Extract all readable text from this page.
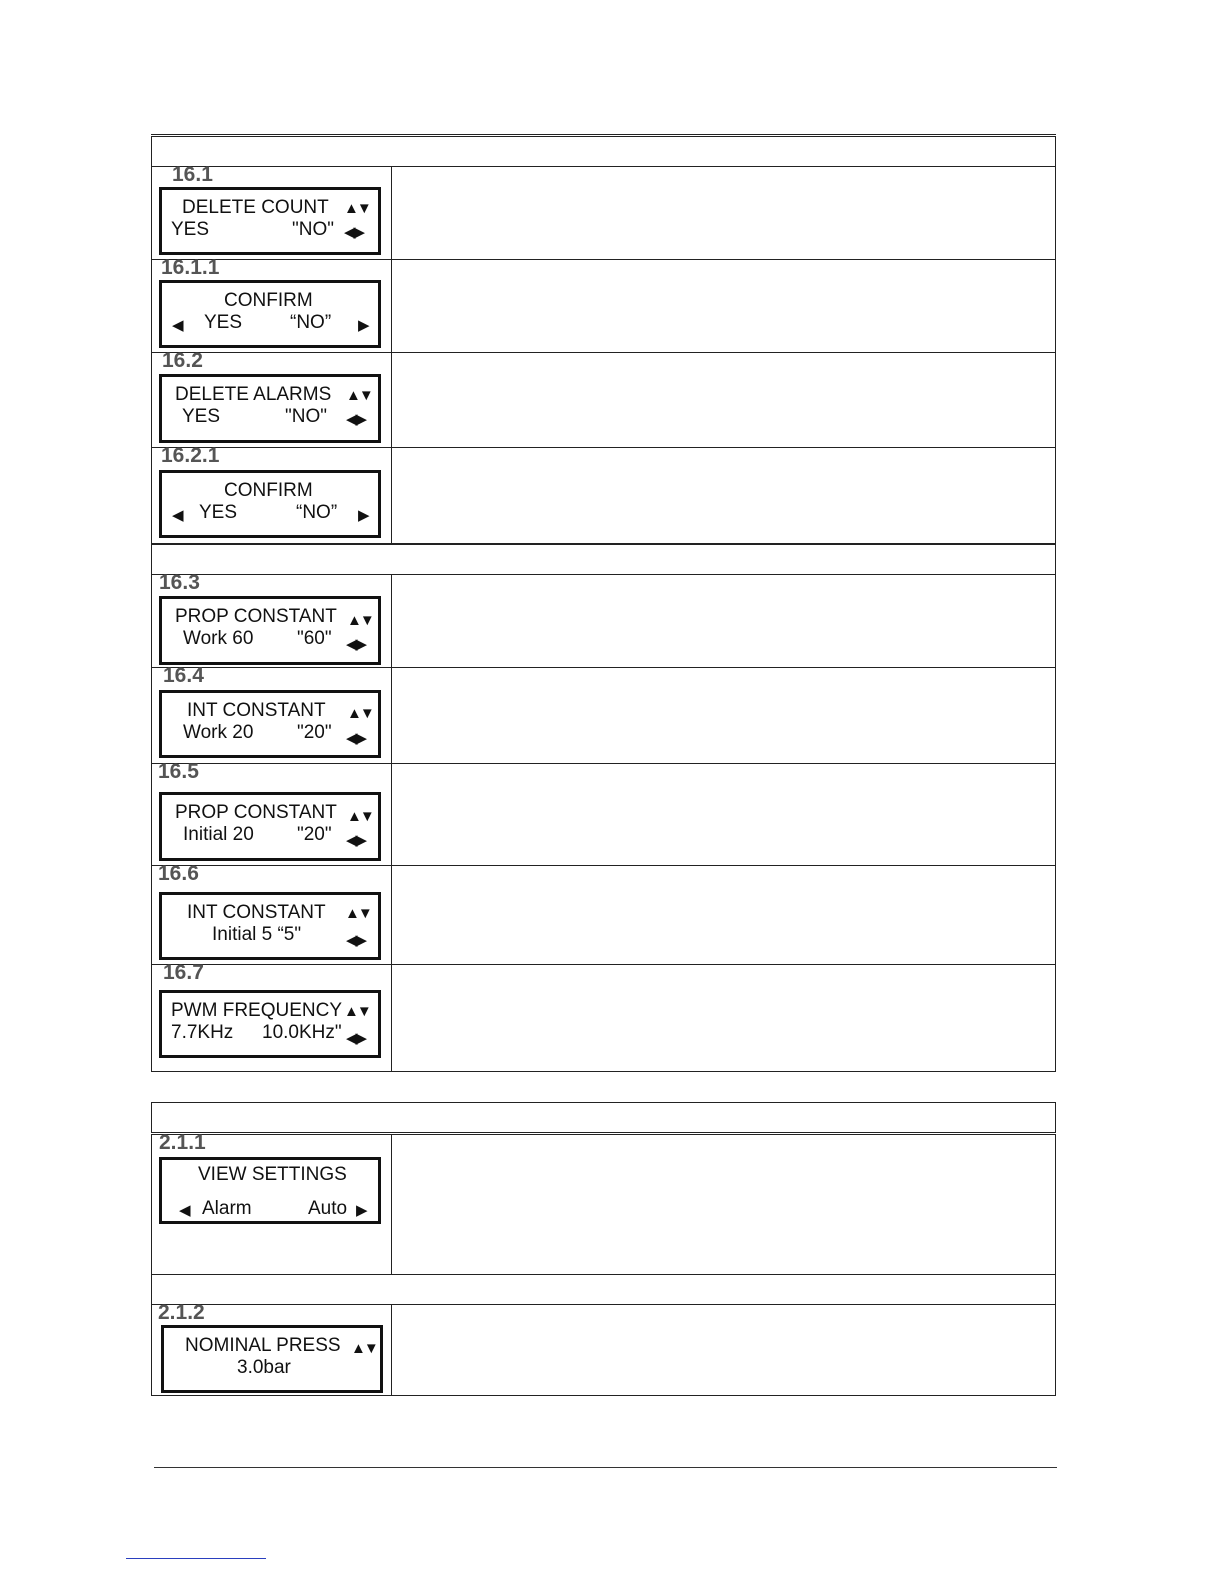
16.1
DELETE COUNT
▲▼
YES "NO"
◀▶

16.1.1
CONFIRM
◀
YES “NO”
▶

16.2
DELETE ALARMS
▲▼
YES "NO"
◀▶

16.2.1
CONFIRM
◀
YES “NO”
▶

16.3
PROP CONSTANT
▲▼
Work 60 "60"
◀▶

16.4
INT CONSTANT
▲▼
Work 20 "20"
◀▶

16.5
PROP CONSTANT
▲▼
Initial 20 "20"
◀▶

16.6
INT CONSTANT
▲▼
Initial 5 “5"
◀▶

16.7
PWM FREQUENCY
▲▼
7.7KHz 10.0KHz"
◀▶

2.1.1
VIEW SETTINGS
◀
Alarm Auto
▶

2.1.2
NOMINAL PRESS
▲▼
3.0bar
